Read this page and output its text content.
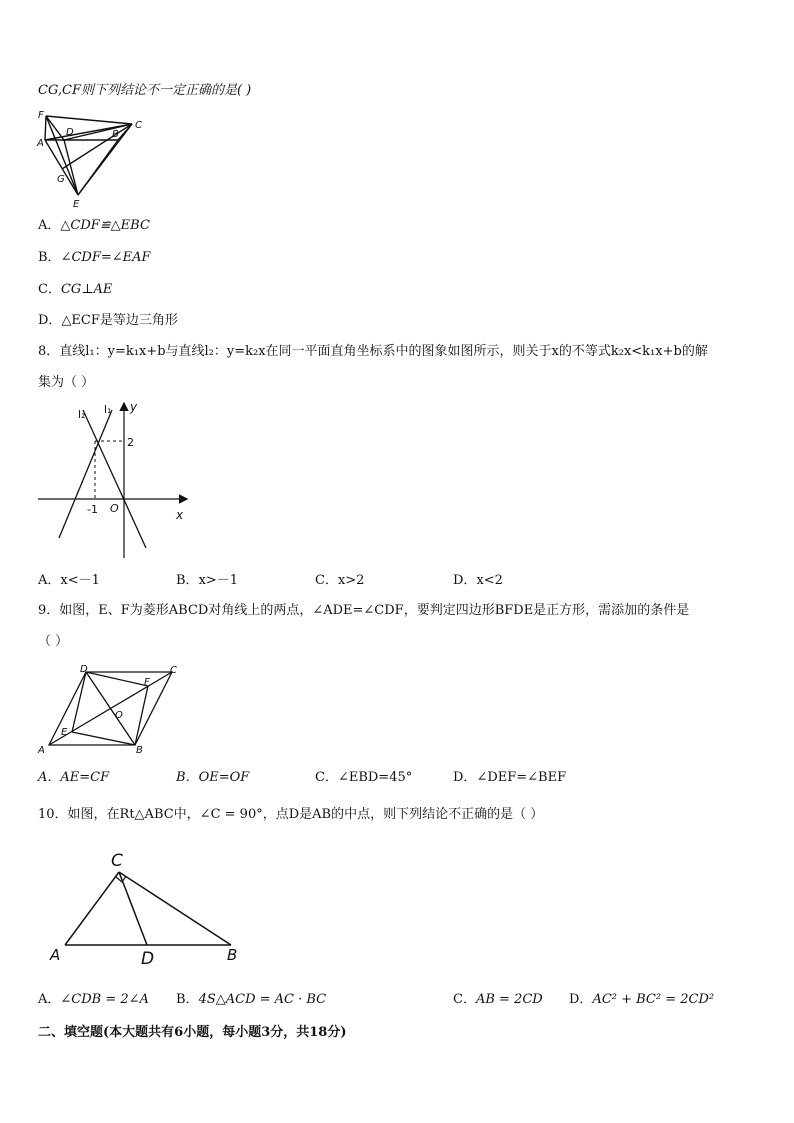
CG,CF则下列结论不一定正确的是( )
F
C
D	B
A
G
E
A．△CDF≌△EBC
B．∠CDF=∠EAF
C．CG⊥AE
D．△ECF是等边三角形
8．直线l₁：y=k₁x+b与直线l₂：y=k₂x在同一平面直角坐标系中的图象如图所示，则关于x的不等式k₂x<k₁x+b的解
集为（ ）
l₂ l₁ y
x
2
-1 O
A．x<－1	B．x>－1	C．x>2	D．x<2
9．如图，E、F为菱形ABCD对角线上的两点，∠ADE=∠CDF，要判定四边形BFDE是正方形，需添加的条件是
（ ）
D	C
F
O
E
A	B
A．AE=CF	B．OE=OF	C．∠EBD=45°	D．∠DEF=∠BEF
10．如图，在Rt△ABC中，∠C = 90°，点D是AB的中点，则下列结论不正确的是（ ）
C
A	D	B
A．∠CDB = 2∠A B．4S△ACD = AC · BC	C．AB = 2CD D．AC² + BC² = 2CD²
二、填空题(本大题共有6小题，每小题3分，共18分)
